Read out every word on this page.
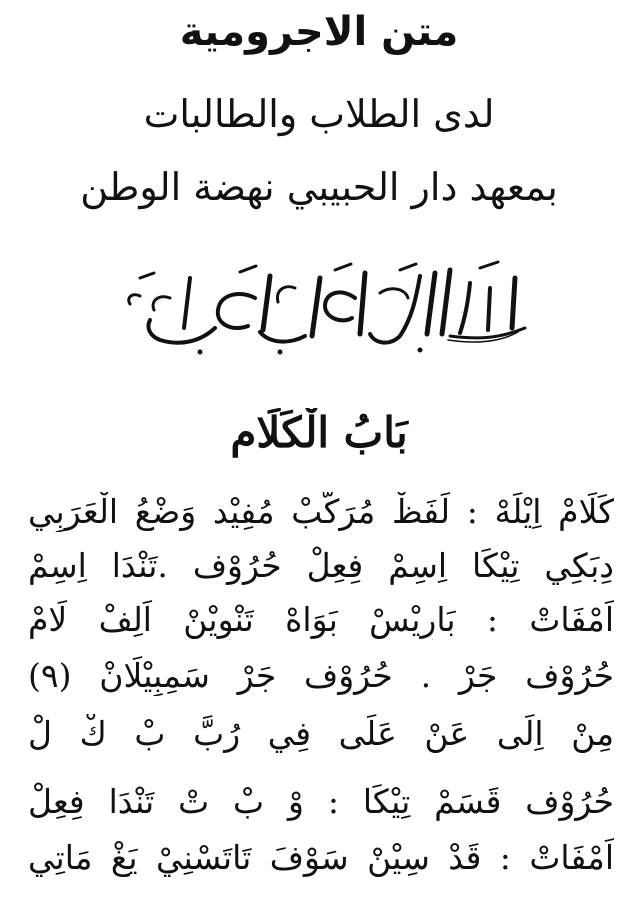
متن الاجرومية
لدى الطلاب والطالبات
بمعهد دار الحبيبي نهضة الوطن
بَابُ الْكَلَامِ
كَلَامْ اِيْلَهْ : لَفَظْ مُرَكَّبْ مُفِيْد وَضْعُ الْعَرَبِي
دِبَكِي تِيْكَا اِسِمْ فِعِلْ حُرُوْف .تَنْدَا اِسِمْ
اَمْفَاتْ : بَارِيْسْ بَوَاهْ تَنْوِيْنْ اَلِفْ لَامْ
حُرُوْف جَرْ . حُرُوْف جَرْ سَمِبِيْلَانْ (٩)
مِنْ اِلَى عَنْ عَلَى فِي رُبَّ بْ كْ لْ
حُرُوْف قَسَمْ تِيْكَا : وْ بْ تْ تَنْدَا فِعِلْ
اَمْفَاتْ : قَدْ سِيْنْ سَوْفَ تَاتَسْنِيْ يَغْ مَاتِي
